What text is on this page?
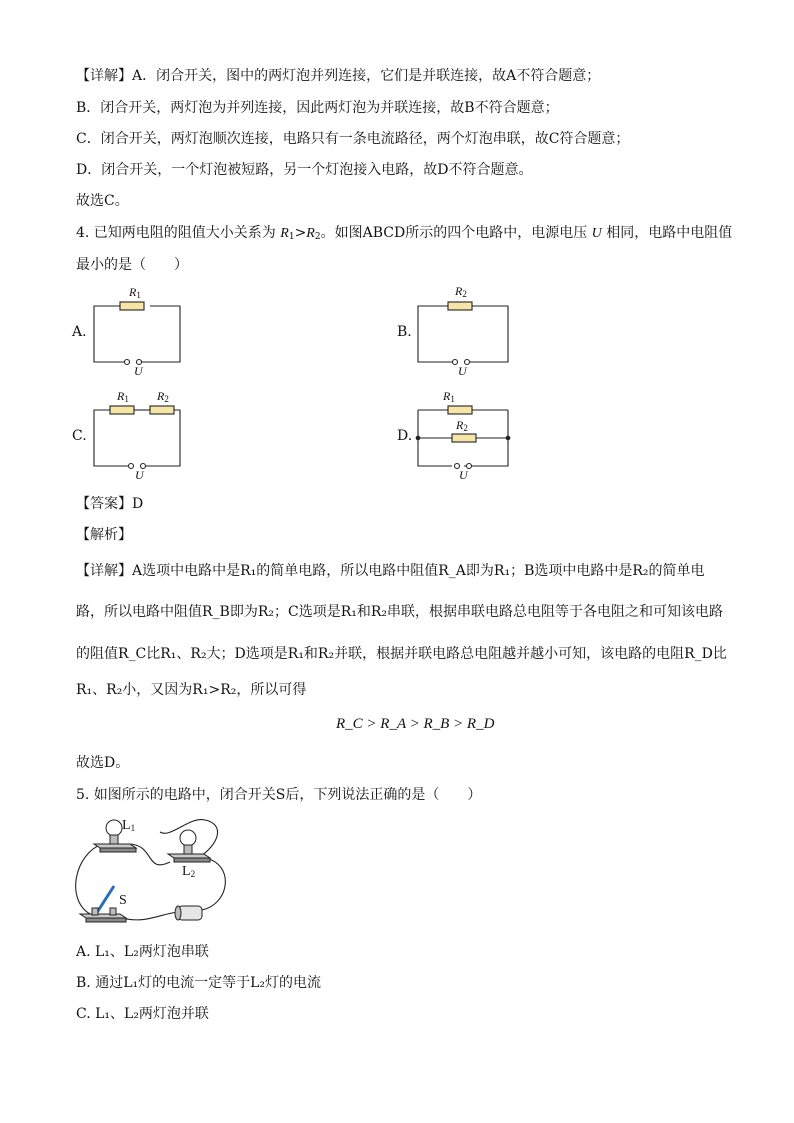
【详解】A．闭合开关，图中的两灯泡并列连接，它们是并联连接，故A不符合题意；
B．闭合开关，两灯泡为并列连接，因此两灯泡为并联连接，故B不符合题意；
C．闭合开关，两灯泡顺次连接，电路只有一条电流路径，两个灯泡串联，故C符合题意；
D．闭合开关，一个灯泡被短路，另一个灯泡接入电路，故D不符合题意。
故选C。
4. 已知两电阻的阻值大小关系为 $R_1>R_2$。如图ABCD所示的四个电路中，电源电压 U 相同，电路中电阻值
最小的是（　　）
A.
$R_1$
U
B.
$R_2$
U
C.
$R_1$ $R_2$
U
D.
$R_1$
$R_2$
U
【答案】D
【解析】
【详解】A选项中电路中是R₁的简单电路，所以电路中阻值R_A即为R₁；B选项中电路中是R₂的简单电
路，所以电路中阻值R_B即为R₂；C选项是R₁和R₂串联，根据串联电路总电阻等于各电阻之和可知该电路
的阻值R_C比R₁、R₂大；D选项是R₁和R₂并联，根据并联电路总电阻越并越小可知，该电路的电阻R_D比
R₁、R₂小，又因为R₁>R₂，所以可得
R_C > R_A > R_B > R_D
故选D。
5. 如图所示的电路中，闭合开关S后，下列说法正确的是（　　）
$L_1$
$L_2$
S
A. L₁、L₂两灯泡串联
B. 通过L₁灯的电流一定等于L₂灯的电流
C. L₁、L₂两灯泡并联
